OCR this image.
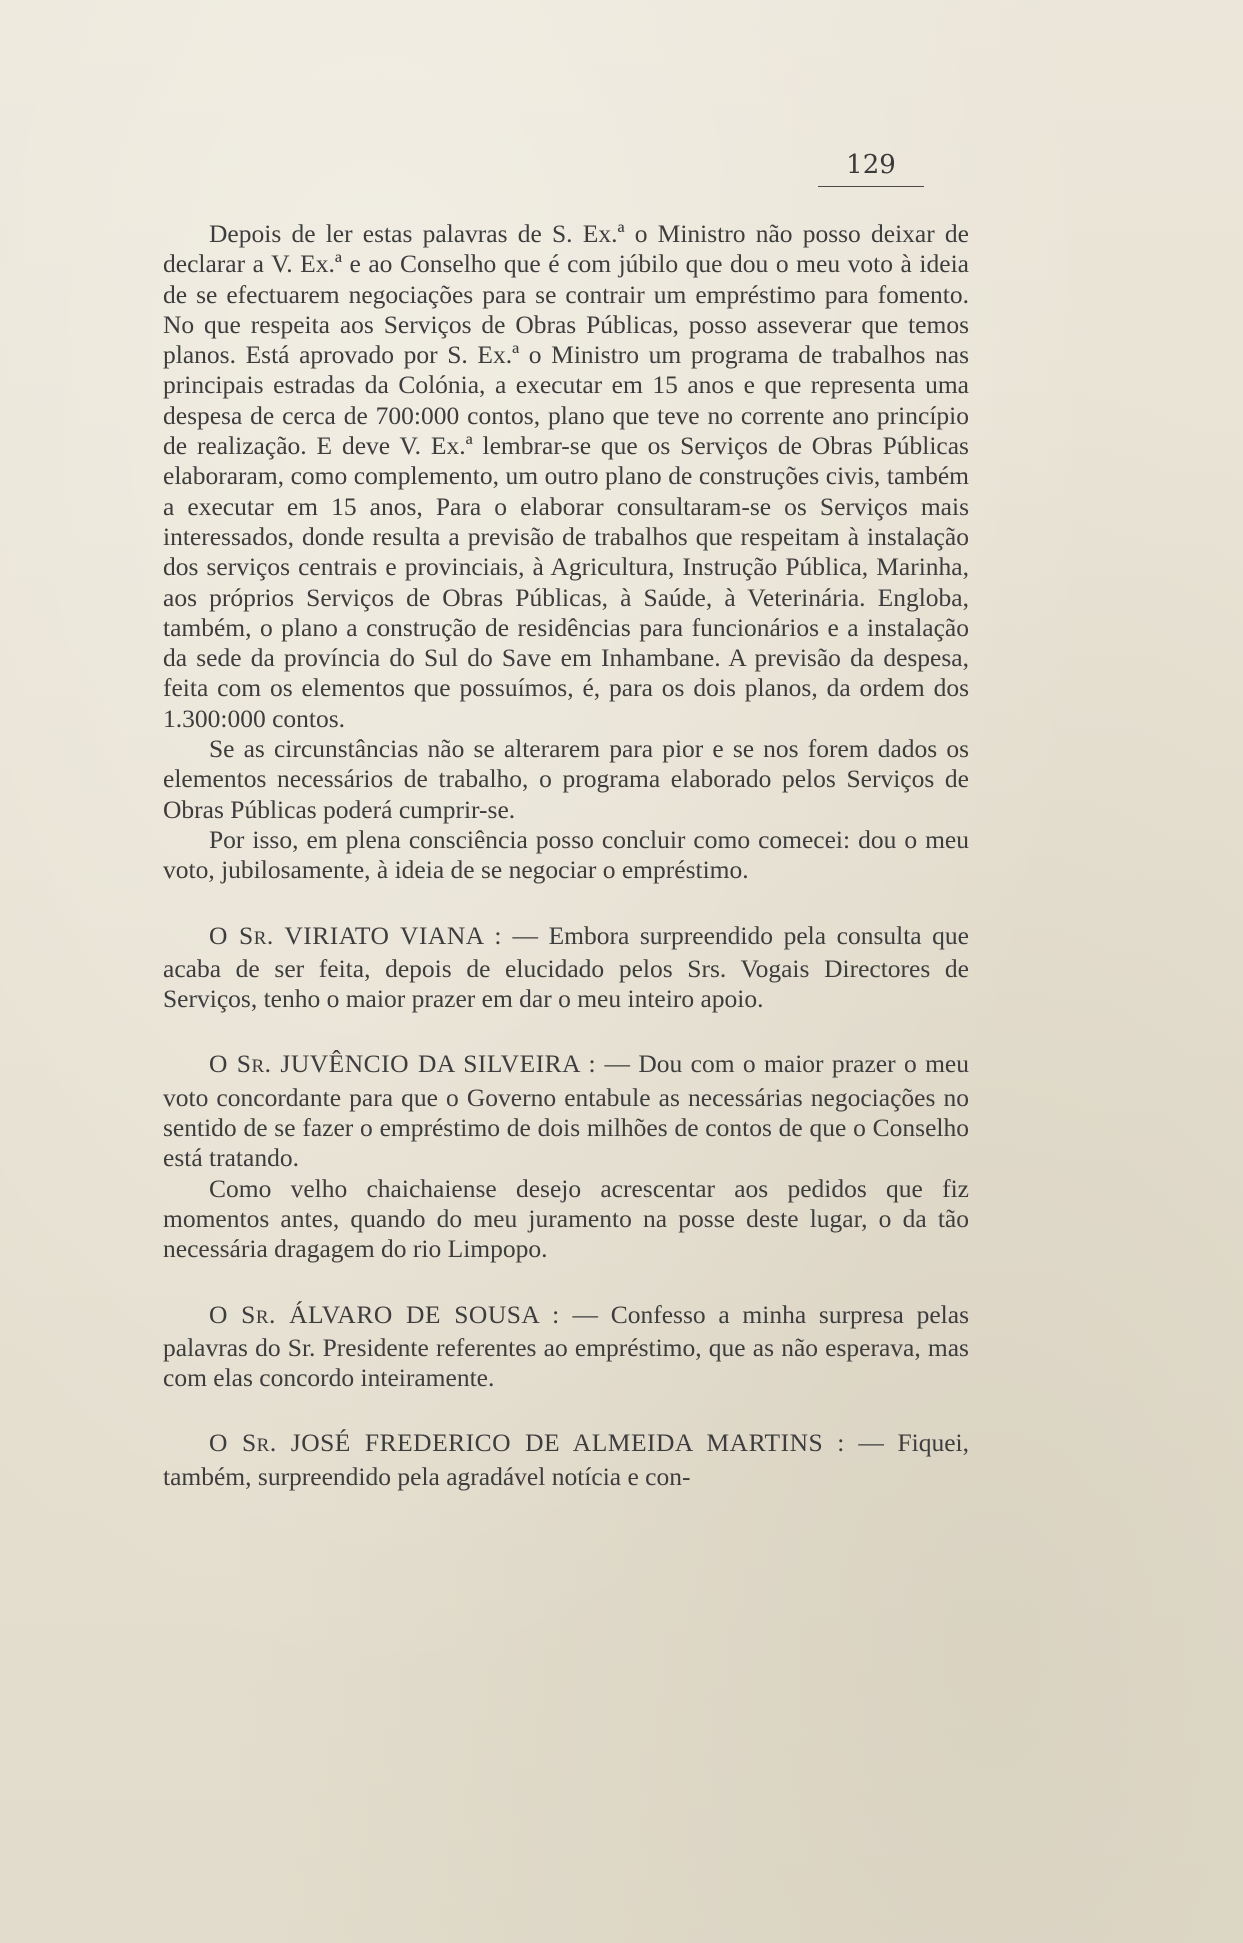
129

Depois de ler estas palavras de S. Ex.ª o Ministro não posso deixar de declarar a V. Ex.ª e ao Conselho que é com júbilo que dou o meu voto à ideia de se efectuarem negociações para se contrair um empréstimo para fomento. No que respeita aos Serviços de Obras Públicas, posso asseverar que temos planos. Está aprovado por S. Ex.ª o Ministro um programa de trabalhos nas principais estradas da Colónia, a executar em 15 anos e que representa uma despesa de cerca de 700:000 contos, plano que teve no corrente ano princípio de realização. E deve V. Ex.ª lembrar-se que os Serviços de Obras Públicas elaboraram, como complemento, um outro plano de construções civis, também a executar em 15 anos, Para o elaborar consultaram-se os Serviços mais interessados, donde resulta a previsão de trabalhos que respeitam à instalação dos serviços centrais e provinciais, à Agricultura, Instrução Pública, Marinha, aos próprios Serviços de Obras Públicas, à Saúde, à Veterinária. Engloba, também, o plano a construção de residências para funcionários e a instalação da sede da província do Sul do Save em Inhambane. A previsão da despesa, feita com os elementos que possuímos, é, para os dois planos, da ordem dos 1.300:000 contos.

Se as circunstâncias não se alterarem para pior e se nos forem dados os elementos necessários de trabalho, o programa elaborado pelos Serviços de Obras Públicas poderá cumprir-se.

Por isso, em plena consciência posso concluir como comecei: dou o meu voto, jubilosamente, à ideia de se negociar o empréstimo.

O SR. VIRIATO VIANA : — Embora surpreendido pela consulta que acaba de ser feita, depois de elucidado pelos Srs. Vogais Directores de Serviços, tenho o maior prazer em dar o meu inteiro apoio.

O SR. JUVÊNCIO DA SILVEIRA : — Dou com o maior prazer o meu voto concordante para que o Governo entabule as necessárias negociações no sentido de se fazer o empréstimo de dois milhões de contos de que o Conselho está tratando.

Como velho chaichaiense desejo acrescentar aos pedidos que fiz momentos antes, quando do meu juramento na posse deste lugar, o da tão necessária dragagem do rio Limpopo.

O SR. ÁLVARO DE SOUSA : — Confesso a minha surpresa pelas palavras do Sr. Presidente referentes ao empréstimo, que as não esperava, mas com elas concordo inteiramente.

O SR. JOSÉ FREDERICO DE ALMEIDA MARTINS : — Fiquei, também, surpreendido pela agradável notícia e con-
